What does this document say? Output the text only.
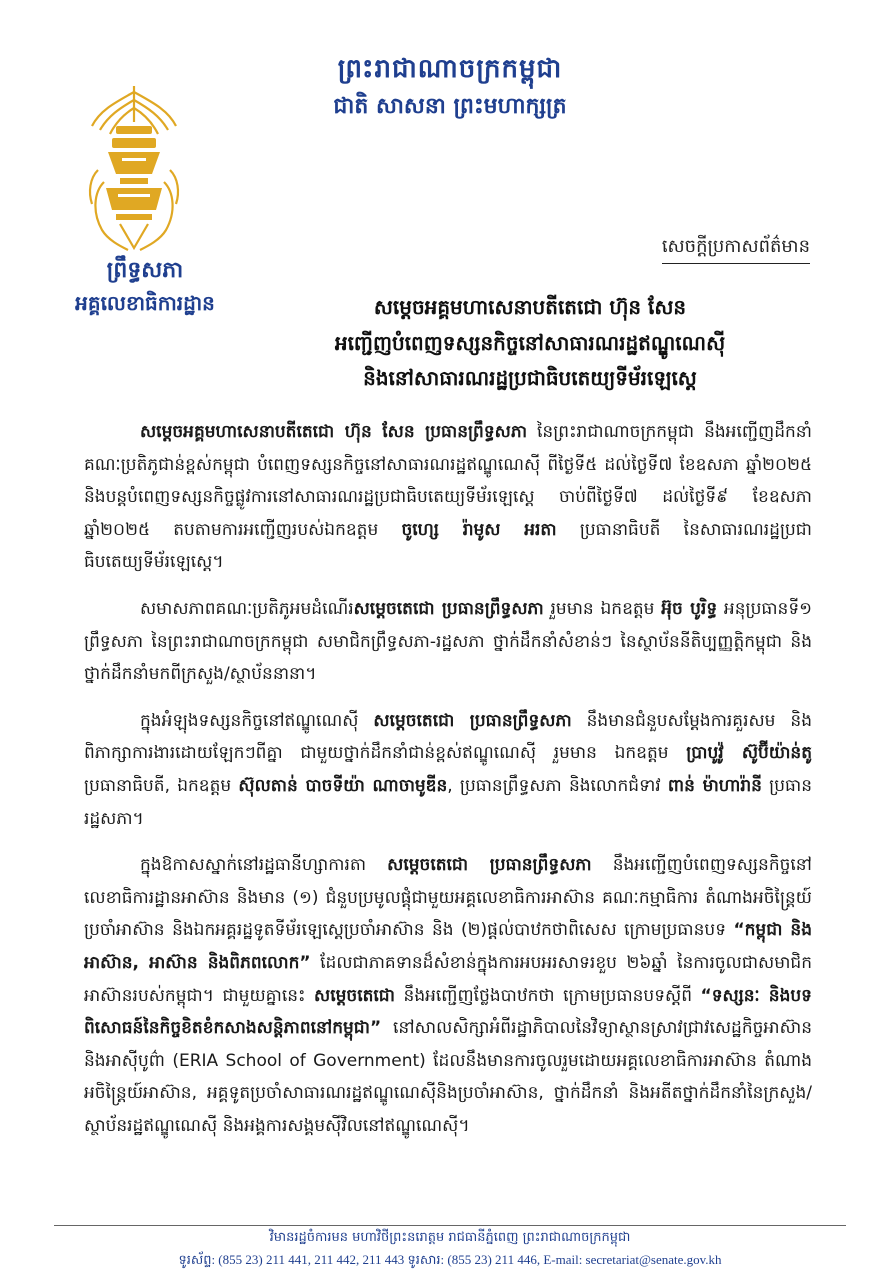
ព្រះរាជាណាចក្រកម្ពុជា
ជាតិ សាសនា ព្រះមហាក្សត្រ
ព្រឹទ្ធសភា
អគ្គលេខាធិការដ្ឋាន
សេចក្តីប្រកាសព័ត៌មាន
សម្តេចអគ្គមហាសេនាបតីតេជោ ហ៊ុន សែន
អញ្ជើញបំពេញទស្សនកិច្ចនៅសាធារណរដ្ឋឥណ្ឌូណេស៊ី
និងនៅសាធារណរដ្ឋប្រជាធិបតេយ្យទីម័រឡេស្តេ

សម្តេចអគ្គមហាសេនាបតីតេជោ ហ៊ុន សែន ប្រធានព្រឹទ្ធសភា នៃព្រះរាជាណាចក្រកម្ពុជា នឹងអញ្ជើញដឹកនាំគណៈប្រតិភូជាន់ខ្ពស់កម្ពុជា បំពេញទស្សនកិច្ចនៅសាធារណរដ្ឋឥណ្ឌូណេស៊ី ពីថ្ងៃទី៥ ដល់ថ្ងៃទី៧ ខែឧសភា ឆ្នាំ២០២៥ និងបន្តបំពេញទស្សនកិច្ចផ្លូវការនៅសាធារណរដ្ឋប្រជាធិបតេយ្យទីម័រឡេស្តេ ចាប់ពីថ្ងៃទី៧ ដល់ថ្ងៃទី៩ ខែឧសភា ឆ្នាំ២០២៥ តបតាមការអញ្ជើញរបស់ឯកឧត្តម ចូហ្សេ រ៉ាមូស អរតា ប្រធានាធិបតី នៃសាធារណរដ្ឋប្រជាធិបតេយ្យទីម័រឡេស្តេ។

សមាសភាពគណៈប្រតិភូអមដំណើរសម្តេចតេជោ ប្រធានព្រឹទ្ធសភា រួមមាន ឯកឧត្តម អ៊ុច បូរិទ្ធ អនុប្រធានទី១ ព្រឹទ្ធសភា នៃព្រះរាជាណាចក្រកម្ពុជា សមាជិកព្រឹទ្ធសភា-រដ្ឋសភា ថ្នាក់ដឹកនាំសំខាន់ៗ នៃស្ថាប័ននីតិប្បញ្ញត្តិកម្ពុជា និងថ្នាក់ដឹកនាំមកពីក្រសួង/ស្ថាប័ននានា។

ក្នុងអំឡុងទស្សនកិច្ចនៅឥណ្ឌូណេស៊ី សម្តេចតេជោ ប្រធានព្រឹទ្ធសភា នឹងមានជំនួបសម្តែងការគួរសម និងពិភាក្សាការងារដោយឡែកៗពីគ្នា ជាមួយថ្នាក់ដឹកនាំជាន់ខ្ពស់ឥណ្ឌូណេស៊ី រួមមាន ឯកឧត្តម ប្រាបូវ៉ូ ស៊ូប៊ីយ៉ាន់តូ ប្រធានាធិបតី, ឯកឧត្តម ស៊ុលតាន់ បាចទីយ៉ា ណាចាមូឌីន, ប្រធានព្រឹទ្ធសភា និងលោកជំទាវ ពាន់ ម៉ាហារ៉ានី ប្រធានរដ្ឋសភា។

ក្នុងឱកាសស្នាក់នៅរដ្ឋធានីហ្សាការតា សម្តេចតេជោ ប្រធានព្រឹទ្ធសភា នឹងអញ្ជើញបំពេញទស្សនកិច្ចនៅលេខាធិការដ្ឋានអាស៊ាន និងមាន (១) ជំនួបប្រមូលផ្តុំជាមួយអគ្គលេខាធិការអាស៊ាន គណៈកម្មាធិការ តំណាងអចិន្ត្រៃយ៍ប្រចាំអាស៊ាន និងឯកអគ្គរដ្ឋទូតទីម័រឡេស្តេប្រចាំអាស៊ាន និង (២)ផ្តល់បាឋកថាពិសេស ក្រោមប្រធានបទ “កម្ពុជា និងអាស៊ាន, អាស៊ាន និងពិភពលោក” ដែលជាភាគទានដ៏សំខាន់ក្នុងការអបអរសាទរខួប ២៦ឆ្នាំ នៃការចូលជាសមាជិកអាស៊ានរបស់កម្ពុជា។ ជាមួយគ្នានេះ សម្តេចតេជោ នឹងអញ្ជើញថ្លែងបាឋកថា ក្រោមប្រធានបទស្តីពី “ទស្សនៈ និងបទពិសោធន៍នៃកិច្ចខិតខំកសាងសន្តិភាពនៅកម្ពុជា” នៅសាលសិក្សាអំពីរដ្ឋាភិបាលនៃវិទ្យាស្ថានស្រាវជ្រាវសេដ្ឋកិច្ចអាស៊ាន និងអាស៊ីបូព៌ា (ERIA School of Government) ដែលនឹងមានការចូលរួមដោយអគ្គលេខាធិការអាស៊ាន តំណាងអចិន្ត្រៃយ៍អាស៊ាន, អគ្គទូតប្រចាំសាធារណរដ្ឋឥណ្ឌូណេស៊ីនិងប្រចាំអាស៊ាន, ថ្នាក់ដឹកនាំ និងអតីតថ្នាក់ដឹកនាំនៃក្រសួង/ស្ថាប័នរដ្ឋឥណ្ឌូណេស៊ី និងអង្គការសង្គមស៊ីវិលនៅឥណ្ឌូណេស៊ី។

វិមានរដ្ឋចំការមន មហាវិថីព្រះនរោត្តម រាជធានីភ្នំពេញ ព្រះរាជាណាចក្រកម្ពុជា
ទូរស័ព្ទ: (855 23) 211 441, 211 442, 211 443 ទូរសារ: (855 23) 211 446, E-mail: secretariat@senate.gov.kh
